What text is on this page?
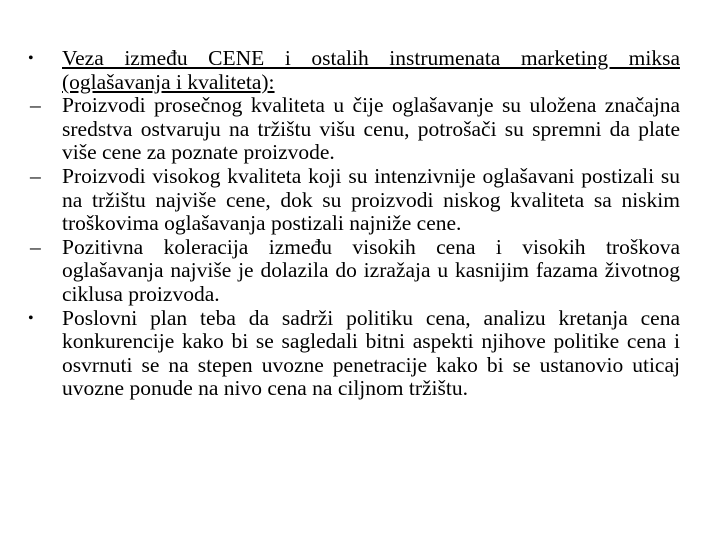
•	Veza između CENE i ostalih instrumenata marketing miksa (oglašavanja i kvaliteta):
– Proizvodi prosečnog kvaliteta u čije oglašavanje su uložena značajna sredstva ostvaruju na tržištu višu cenu, potrošači su spremni da plate više cene za poznate proizvode.
– Proizvodi visokog kvaliteta koji su intenzivnije oglašavani postizali su na tržištu najviše cene, dok su proizvodi niskog kvaliteta sa niskim troškovima oglašavanja postizali najniže cene.
– Pozitivna koleracija između visokih cena i visokih troškova oglašavanja najviše je dolazila do izražaja u kasnijim fazama životnog ciklusa proizvoda.
•	Poslovni plan teba da sadrži politiku cena, analizu kretanja cena konkurencije kako bi se sagledali bitni aspekti njihove politike cena i osvrnuti se na stepen uvozne penetracije kako bi se ustanovio uticaj uvozne ponude na nivo cena na ciljnom tržištu.
